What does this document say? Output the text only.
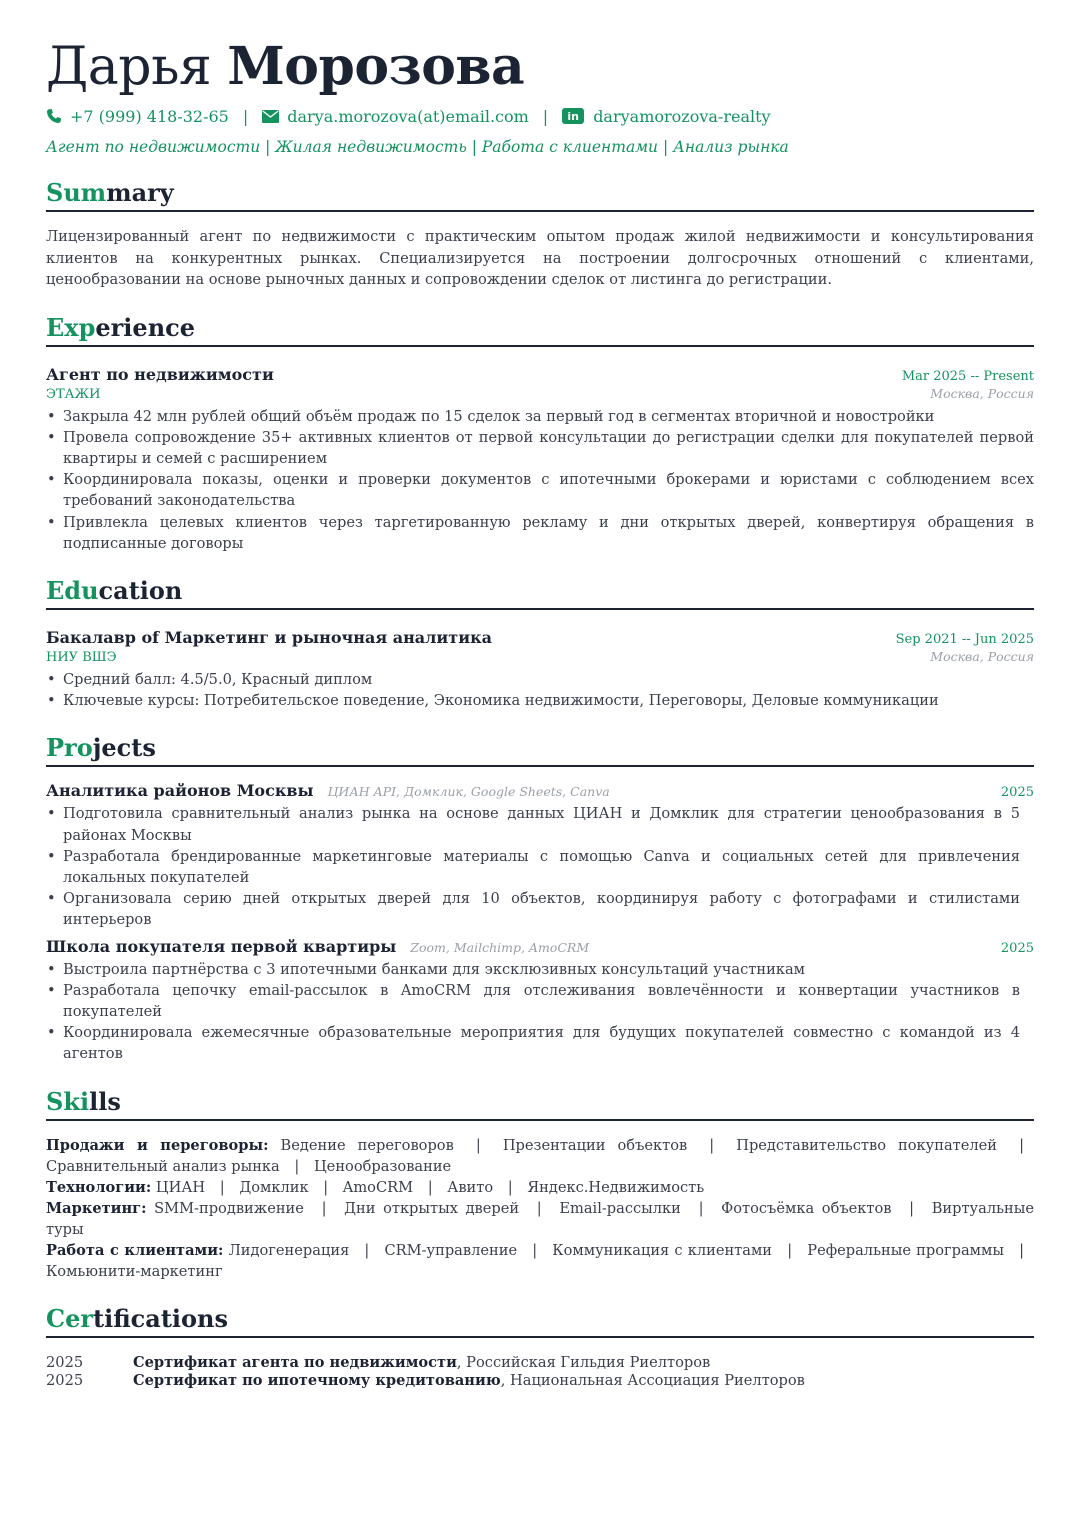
Дарья Морозова
+7 (999) 418-32-65 | darya.morozova(at)email.com |	in daryamorozova-realty
Агент по недвижимости | Жилая недвижимость | Работа с клиентами | Анализ рынка
Summary
Лицензированный агент по недвижимости с практическим опытом продаж жилой недвижимости и консультирования клиентов на конкурентных рынках. Специализируется на построении долгосрочных отношений с клиентами, ценообразовании на основе рыночных данных и сопровождении сделок от листинга до регистрации.
Experience
Агент по недвижимости	Mar 2025 -- Present
ЭТАЖИ	Москва, Россия
• Закрыла 42 млн рублей общий объём продаж по 15 сделок за первый год в сегментах вторичной и новостройки
• Провела сопровождение 35+ активных клиентов от первой консультации до регистрации сделки для покупателей первой квартиры и семей с расширением
• Координировала показы, оценки и проверки документов с ипотечными брокерами и юристами с соблюдением всех требований законодательства
• Привлекла целевых клиентов через таргетированную рекламу и дни открытых дверей, конвертируя обращения в подписанные договоры
Education
Бакалавр of Маркетинг и рыночная аналитика	Sep 2021 -- Jun 2025
НИУ ВШЭ	Москва, Россия
• Средний балл: 4.5/5.0, Красный диплом
• Ключевые курсы: Потребительское поведение, Экономика недвижимости, Переговоры, Деловые коммуникации
Projects
Аналитика районов Москвы ЦИАН API, Домклик, Google Sheets, Canva	2025
• Подготовила сравнительный анализ рынка на основе данных ЦИАН и Домклик для стратегии ценообразования в 5 районах Москвы
• Разработала брендированные маркетинговые материалы с помощью Canva и социальных сетей для привлечения локальных покупателей
• Организовала серию дней открытых дверей для 10 объектов, координируя работу с фотографами и стилистами интерьеров
Школа покупателя первой квартиры Zoom, Mailchimp, AmoCRM	2025
• Выстроила партнёрства с 3 ипотечными банками для эксклюзивных консультаций участникам
• Разработала цепочку email-рассылок в AmoCRM для отслеживания вовлечённости и конвертации участников в покупателей
• Координировала ежемесячные образовательные мероприятия для будущих покупателей совместно с командой из 4 агентов
Skills
Продажи и переговоры: Ведение переговоров | Презентации объектов | Представительство покупателей | Сравнительный анализ рынка | Ценообразование
Технологии: ЦИАН | Домклик | AmoCRM | Авито | Яндекс.Недвижимость
Маркетинг: SMM-продвижение | Дни открытых дверей | Email-рассылки | Фотосъёмка объектов | Виртуальные туры
Работа с клиентами: Лидогенерация | CRM-управление | Коммуникация с клиентами | Реферальные программы | Комьюнити-маркетинг
Certifications
2025	Сертификат агента по недвижимости, Российская Гильдия Риелторов
2025	Сертификат по ипотечному кредитованию, Национальная Ассоциация Риелторов
